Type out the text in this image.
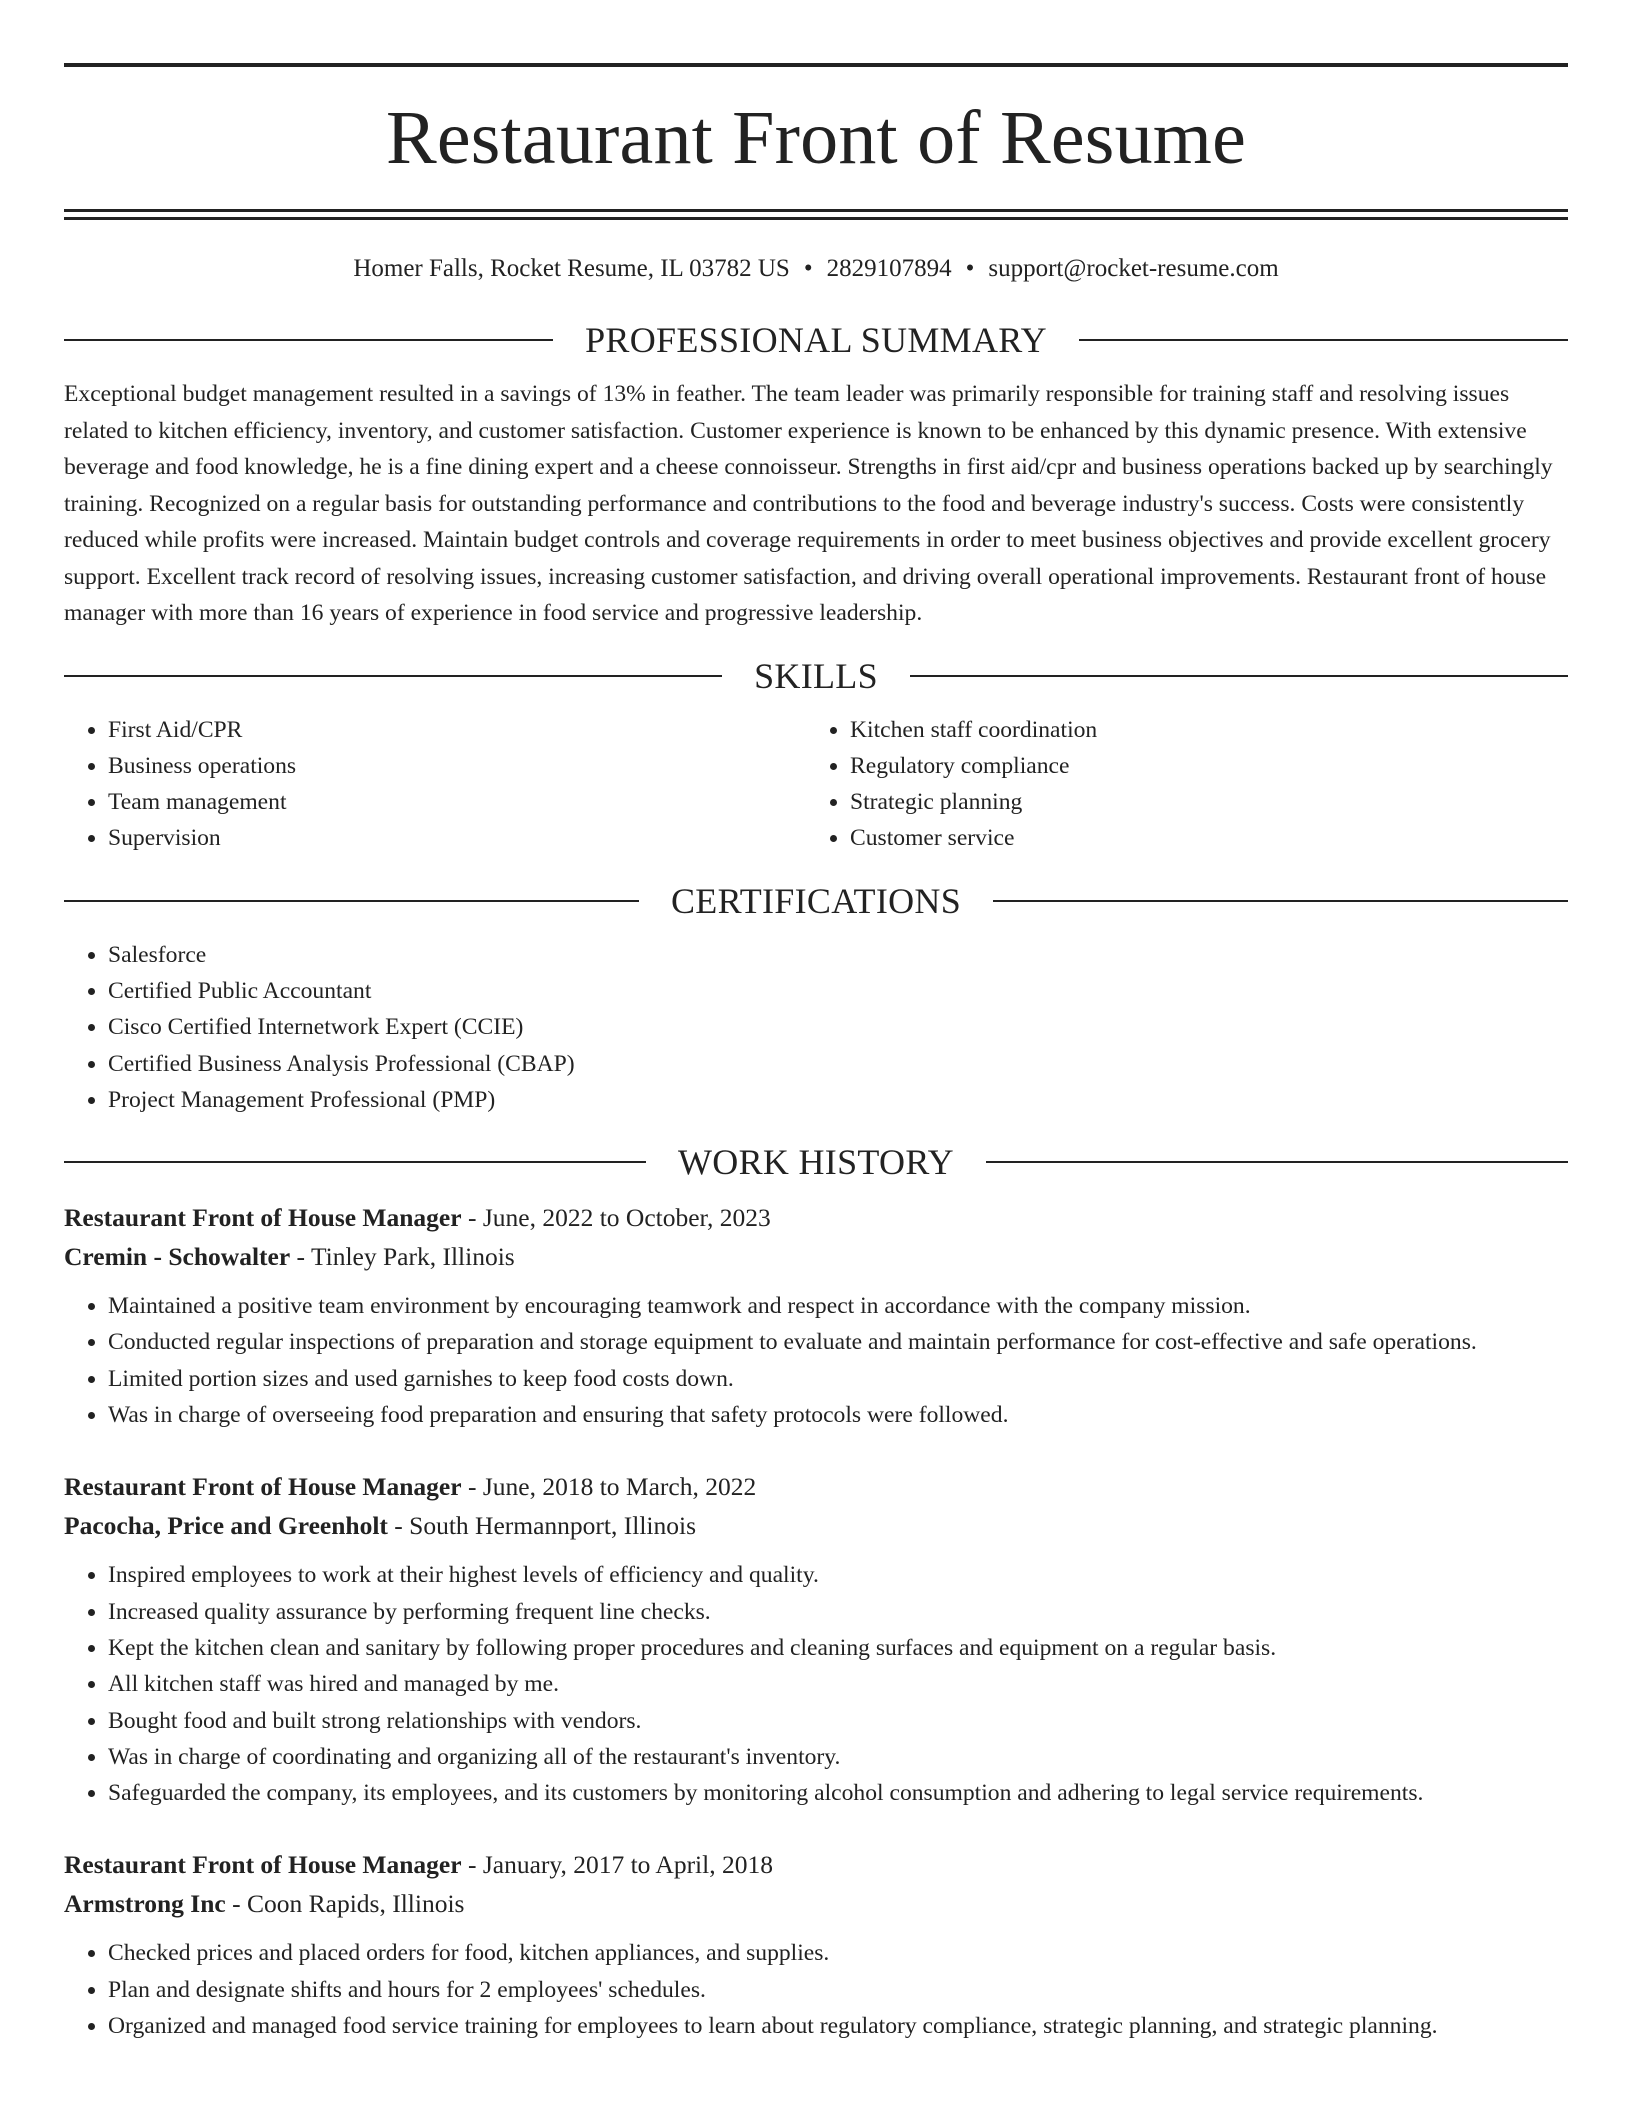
Restaurant Front of Resume
Homer Falls, Rocket Resume, IL 03782 US • 2829107894 • support@rocket-resume.com
PROFESSIONAL SUMMARY

Exceptional budget management resulted in a savings of 13% in feather. The team leader was primarily responsible for training staff and resolving issues related to kitchen efficiency, inventory, and customer satisfaction. Customer experience is known to be enhanced by this dynamic presence. With extensive beverage and food knowledge, he is a fine dining expert and a cheese connoisseur. Strengths in first aid/cpr and business operations backed up by searchingly training. Recognized on a regular basis for outstanding performance and contributions to the food and beverage industry's success. Costs were consistently reduced while profits were increased. Maintain budget controls and coverage requirements in order to meet business objectives and provide excellent grocery support. Excellent track record of resolving issues, increasing customer satisfaction, and driving overall operational improvements. Restaurant front of house manager with more than 16 years of experience in food service and progressive leadership.

SKILLS
• First Aid/CPR
• Business operations
• Team management
• Supervision
• Kitchen staff coordination
• Regulatory compliance
• Strategic planning
• Customer service
CERTIFICATIONS
• Salesforce
• Certified Public Accountant
• Cisco Certified Internetwork Expert (CCIE)
• Certified Business Analysis Professional (CBAP)
• Project Management Professional (PMP)
WORK HISTORY
Restaurant Front of House Manager - June, 2022 to October, 2023
Cremin - Schowalter - Tinley Park, Illinois
• Maintained a positive team environment by encouraging teamwork and respect in accordance with the company mission.
• Conducted regular inspections of preparation and storage equipment to evaluate and maintain performance for cost-effective and safe operations.
• Limited portion sizes and used garnishes to keep food costs down.
• Was in charge of overseeing food preparation and ensuring that safety protocols were followed.
Restaurant Front of House Manager - June, 2018 to March, 2022
Pacocha, Price and Greenholt - South Hermannport, Illinois
• Inspired employees to work at their highest levels of efficiency and quality.
• Increased quality assurance by performing frequent line checks.
• Kept the kitchen clean and sanitary by following proper procedures and cleaning surfaces and equipment on a regular basis.
• All kitchen staff was hired and managed by me.
• Bought food and built strong relationships with vendors.
• Was in charge of coordinating and organizing all of the restaurant's inventory.
• Safeguarded the company, its employees, and its customers by monitoring alcohol consumption and adhering to legal service requirements.
Restaurant Front of House Manager - January, 2017 to April, 2018
Armstrong Inc - Coon Rapids, Illinois
• Checked prices and placed orders for food, kitchen appliances, and supplies.
• Plan and designate shifts and hours for 2 employees' schedules.
• Organized and managed food service training for employees to learn about regulatory compliance, strategic planning, and strategic planning.
